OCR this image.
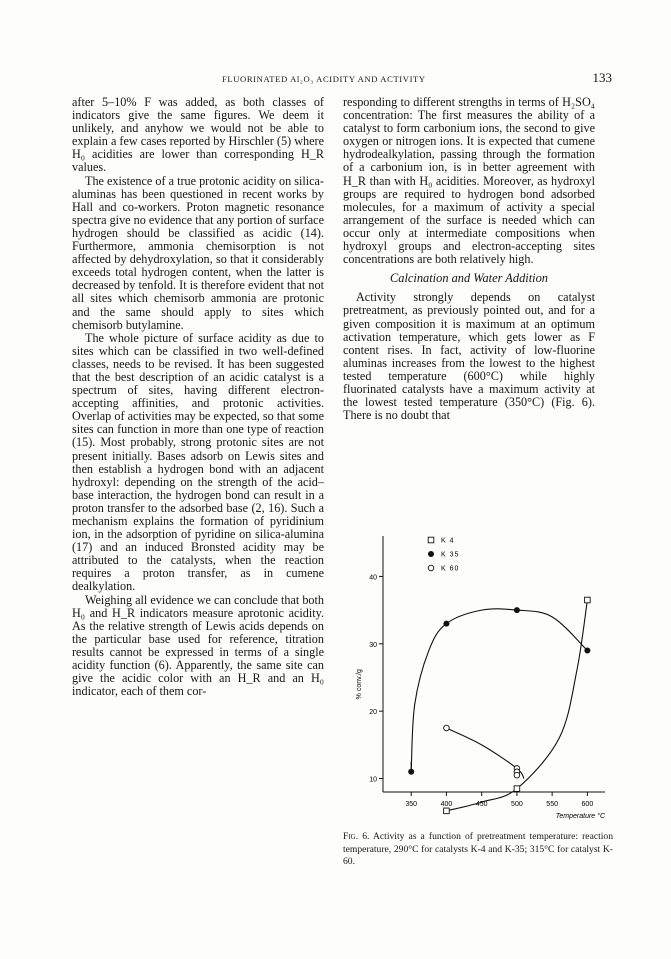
FLUORINATED Al₂O₃ ACIDITY AND ACTIVITY	133

after 5–10% F was added, as both classes of indicators give the same figures. We deem it unlikely, and anyhow we would not be able to explain a few cases reported by Hirschler (5) where H₀ acidities are lower than corresponding H_R values.

The existence of a true protonic acidity on silica-aluminas has been questioned in recent works by Hall and co-workers. Proton magnetic resonance spectra give no evidence that any portion of surface hydrogen should be classified as acidic (14). Furthermore, ammonia chemisorption is not affected by dehydroxylation, so that it considerably exceeds total hydrogen content, when the latter is decreased by tenfold. It is therefore evident that not all sites which chemisorb ammonia are protonic and the same should apply to sites which chemisorb butylamine.

The whole picture of surface acidity as due to sites which can be classified in two well-defined classes, needs to be revised. It has been suggested that the best description of an acidic catalyst is a spectrum of sites, having different electron-accepting affinities, and protonic activities. Overlap of activities may be expected, so that some sites can function in more than one type of reaction (15). Most probably, strong protonic sites are not present initially. Bases adsorb on Lewis sites and then establish a hydrogen bond with an adjacent hydroxyl: depending on the strength of the acid–base interaction, the hydrogen bond can result in a proton transfer to the adsorbed base (2, 16). Such a mechanism explains the formation of pyridinium ion, in the adsorption of pyridine on silica-alumina (17) and an induced Bronsted acidity may be attributed to the catalysts, when the reaction requires a proton transfer, as in cumene dealkylation.

Weighing all evidence we can conclude that both H₀ and H_R indicators measure aprotonic acidity. As the relative strength of Lewis acids depends on the particular base used for reference, titration results cannot be expressed in terms of a single acidity function (6). Apparently, the same site can give the acidic color with an H_R and an H₀ indicator, each of them cor-

responding to different strengths in terms of H₂SO₄ concentration: The first measures the ability of a catalyst to form carbonium ions, the second to give oxygen or nitrogen ions. It is expected that cumene hydrodealkylation, passing through the formation of a carbonium ion, is in better agreement with H_R than with H₀ acidities. Moreover, as hydroxyl groups are required to hydrogen bond adsorbed molecules, for a maximum of activity a special arrangement of the surface is needed which can occur only at intermediate compositions when hydroxyl groups and electron-accepting sites concentrations are both relatively high.

Calcination and Water Addition

Activity strongly depends on catalyst pretreatment, as previously pointed out, and for a given composition it is maximum at an optimum activation temperature, which gets lower as F content rises. In fact, activity of low-fluorine aluminas increases from the lowest to the highest tested temperature (600°C) while highly fluorinated catalysts have a maximum activity at the lowest tested temperature (350°C) (Fig. 6). There is no doubt that

10
20
30
40
350	400	450	500	550	600
K 4
K 35
K 60
Temperature °C
% conv./g
Fig. 6. Activity as a function of pretreatment temperature: reaction temperature, 290°C for catalysts K-4 and K-35; 315°C for catalyst K-60.
